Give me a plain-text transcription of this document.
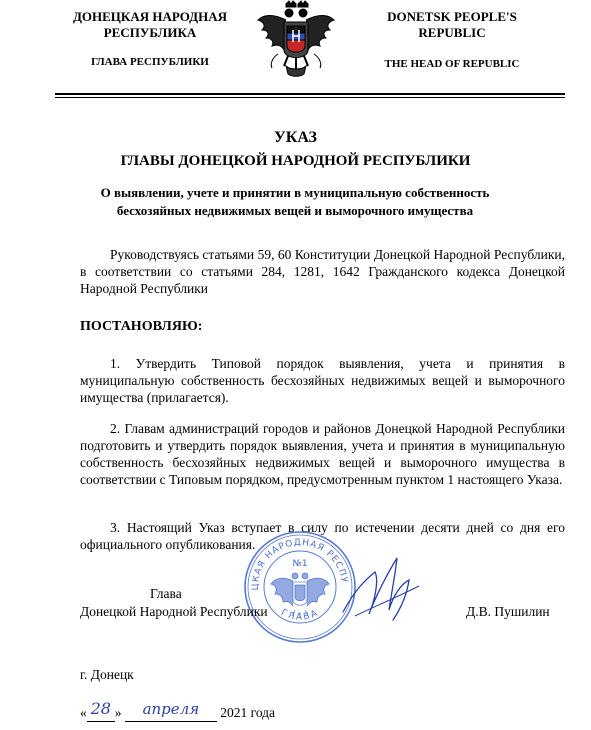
ДОНЕЦКАЯ НАРОДНАЯ
РЕСПУБЛИКА
ГЛАВА РЕСПУБЛИКИ
DONETSK PEOPLE'S
REPUBLIC
THE HEAD OF REPUBLIC
УКАЗ
ГЛАВЫ ДОНЕЦКОЙ НАРОДНОЙ РЕСПУБЛИКИ
О выявлении, учете и принятии в муниципальную собственность
бесхозяйных недвижимых вещей и выморочного имущества
Руководствуясь статьями 59, 60 Конституции Донецкой Народной Республики, в соответствии со статьями 284, 1281, 1642 Гражданского кодекса Донецкой Народной Республики
ПОСТАНОВЛЯЮ:
1. Утвердить Типовой порядок выявления, учета и принятия в муниципальную собственность бесхозяйных недвижимых вещей и выморочного имущества (прилагается).
2. Главам администраций городов и районов Донецкой Народной Республики подготовить и утвердить порядок выявления, учета и принятия в муниципальную собственность бесхозяйных недвижимых вещей и выморочного имущества в соответствии с Типовым порядком, предусмотренным пунктом 1 настоящего Указа.
3. Настоящий Указ вступает в силу по истечении десяти дней со дня его официального опубликования.
ЦКАЯ НАРОДНАЯ РЕСПУ
ГЛАВА
№1
Глава
Донецкой Народной Республики	Д.В. Пушилин
г. Донецк
« 28 » апреля 2021 года
